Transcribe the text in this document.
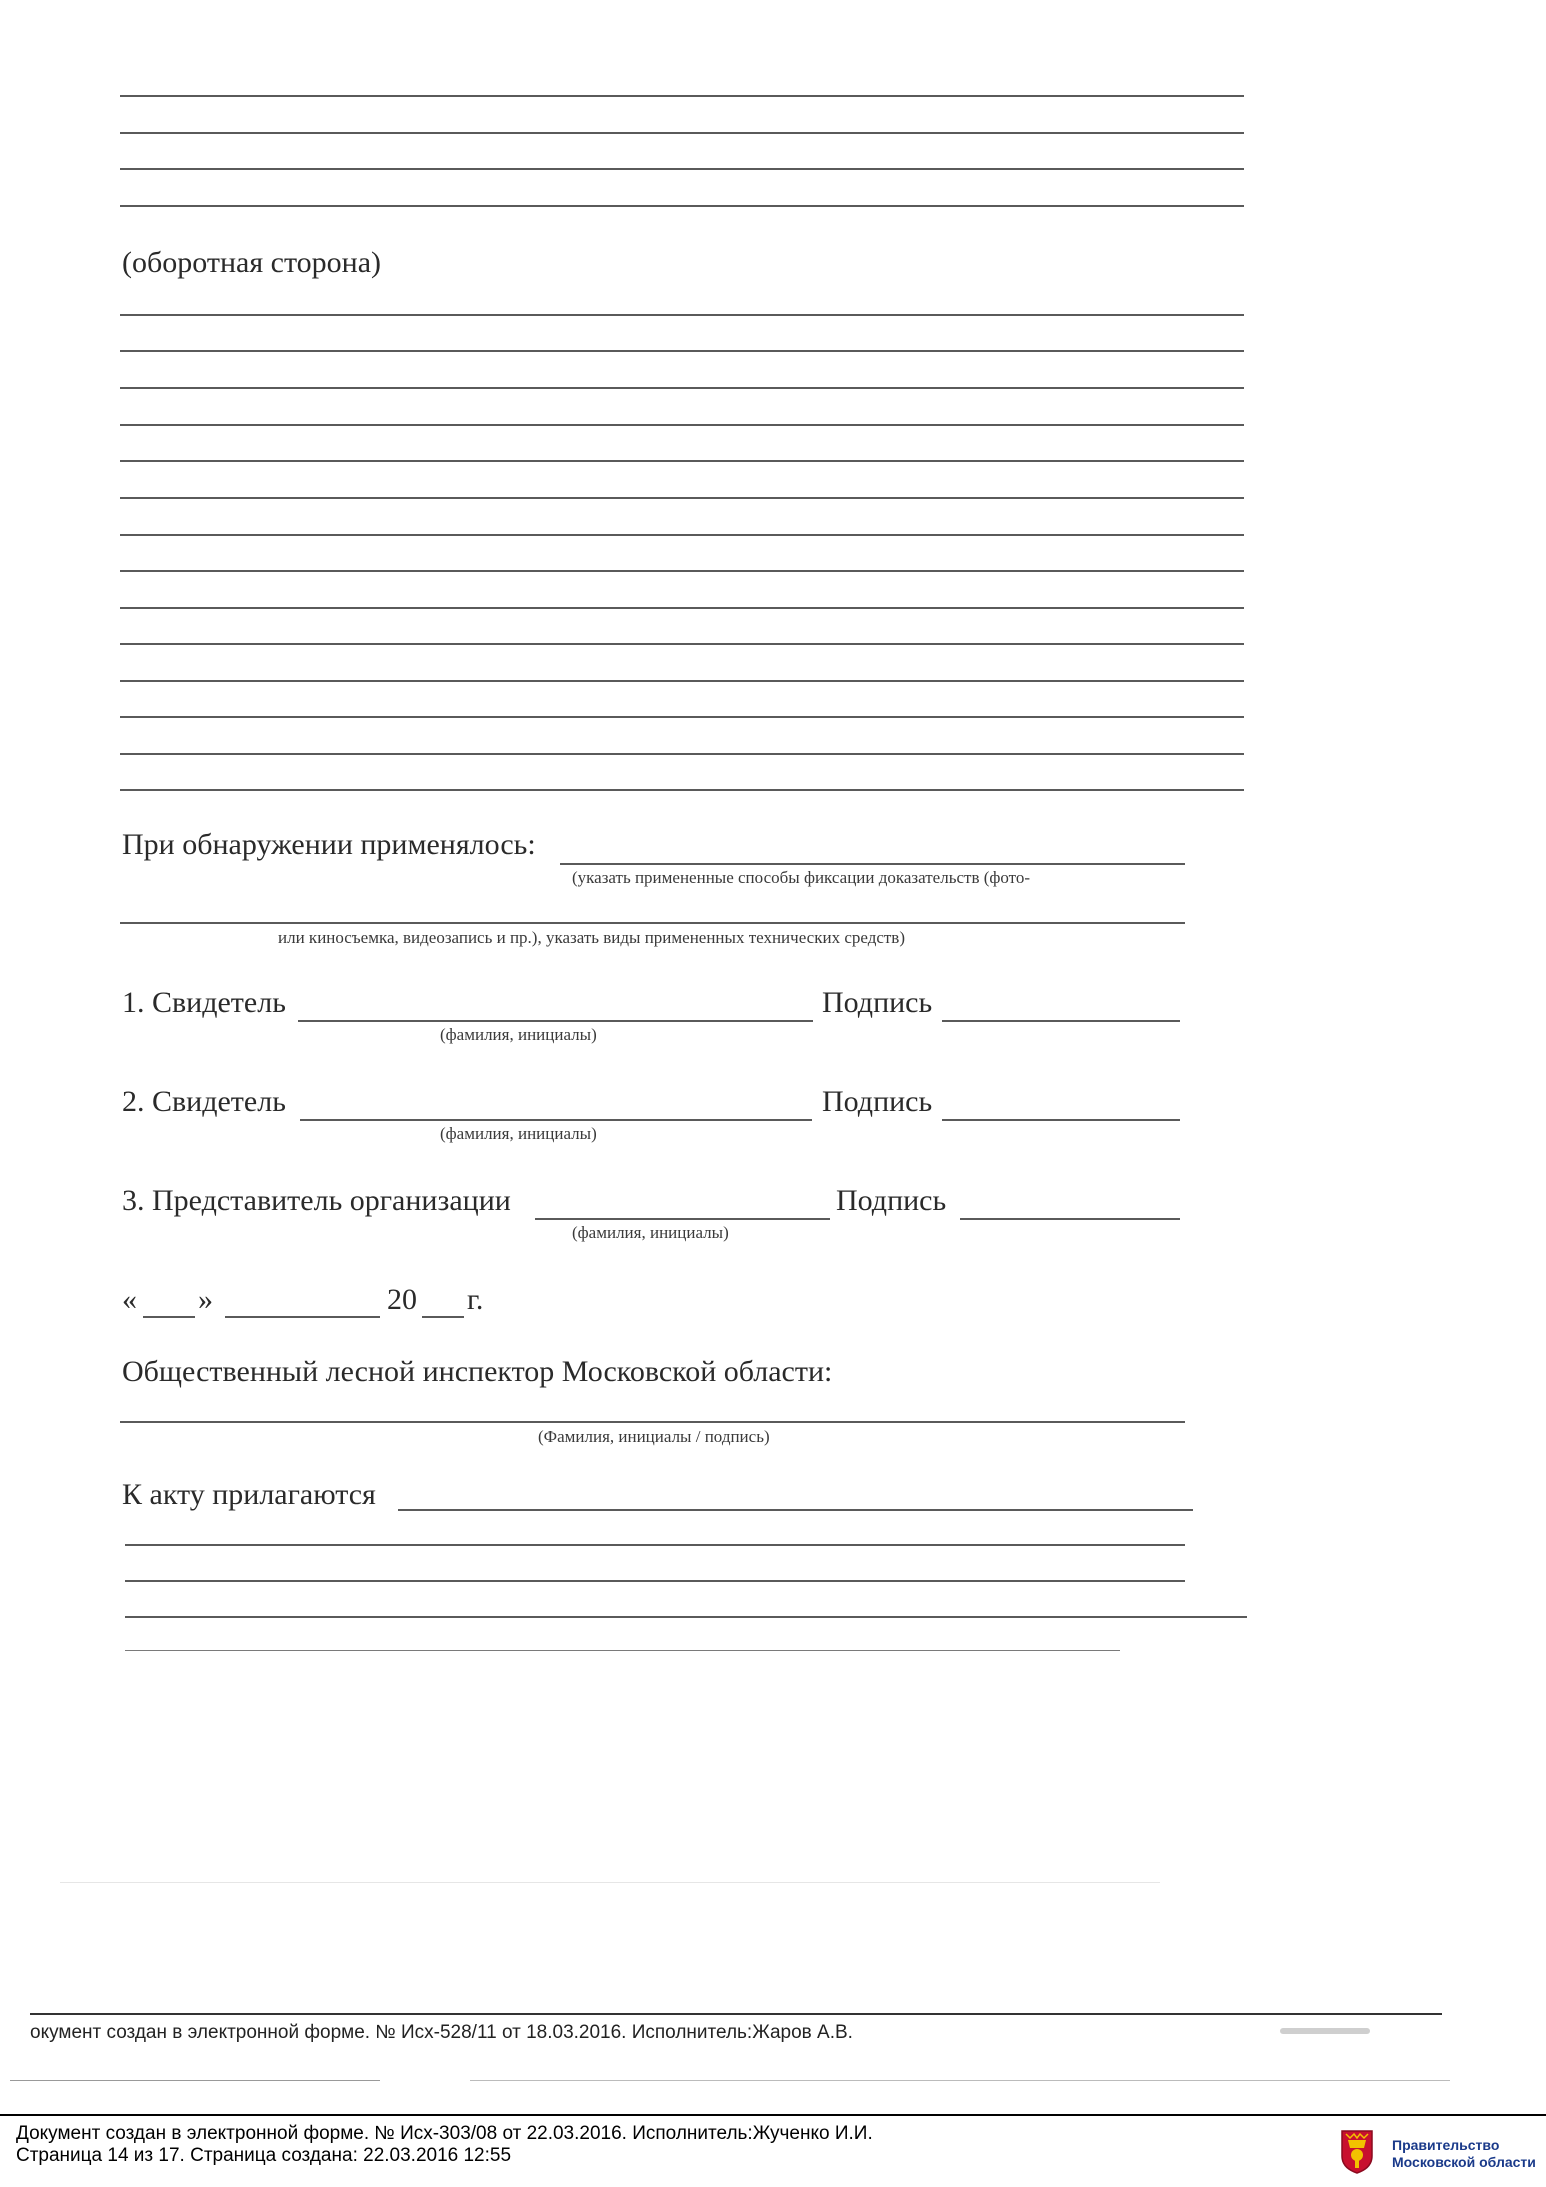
(оборотная сторона)
При обнаружении применялось:
(указать примененные способы фиксации доказательств (фото-
или киносъемка, видеозапись и пр.), указать виды примененных технических средств)
1. Свидетель
(фамилия, инициалы)
Подпись
2. Свидетель
(фамилия, инициалы)
Подпись
3. Представитель организации
(фамилия, инициалы)
Подпись
« »	20 г.
Общественный лесной инспектор Московской области:
(Фамилия, инициалы / подпись)
К акту прилагаются
окумент создан в электронной форме. № Исх-528/11 от 18.03.2016. Исполнитель:Жаров А.В.
Документ создан в электронной форме. № Исх-303/08 от 22.03.2016. Исполнитель:Жученко И.И.
Страница 14 из 17. Страница создана: 22.03.2016 12:55	Правительство
Московской области
